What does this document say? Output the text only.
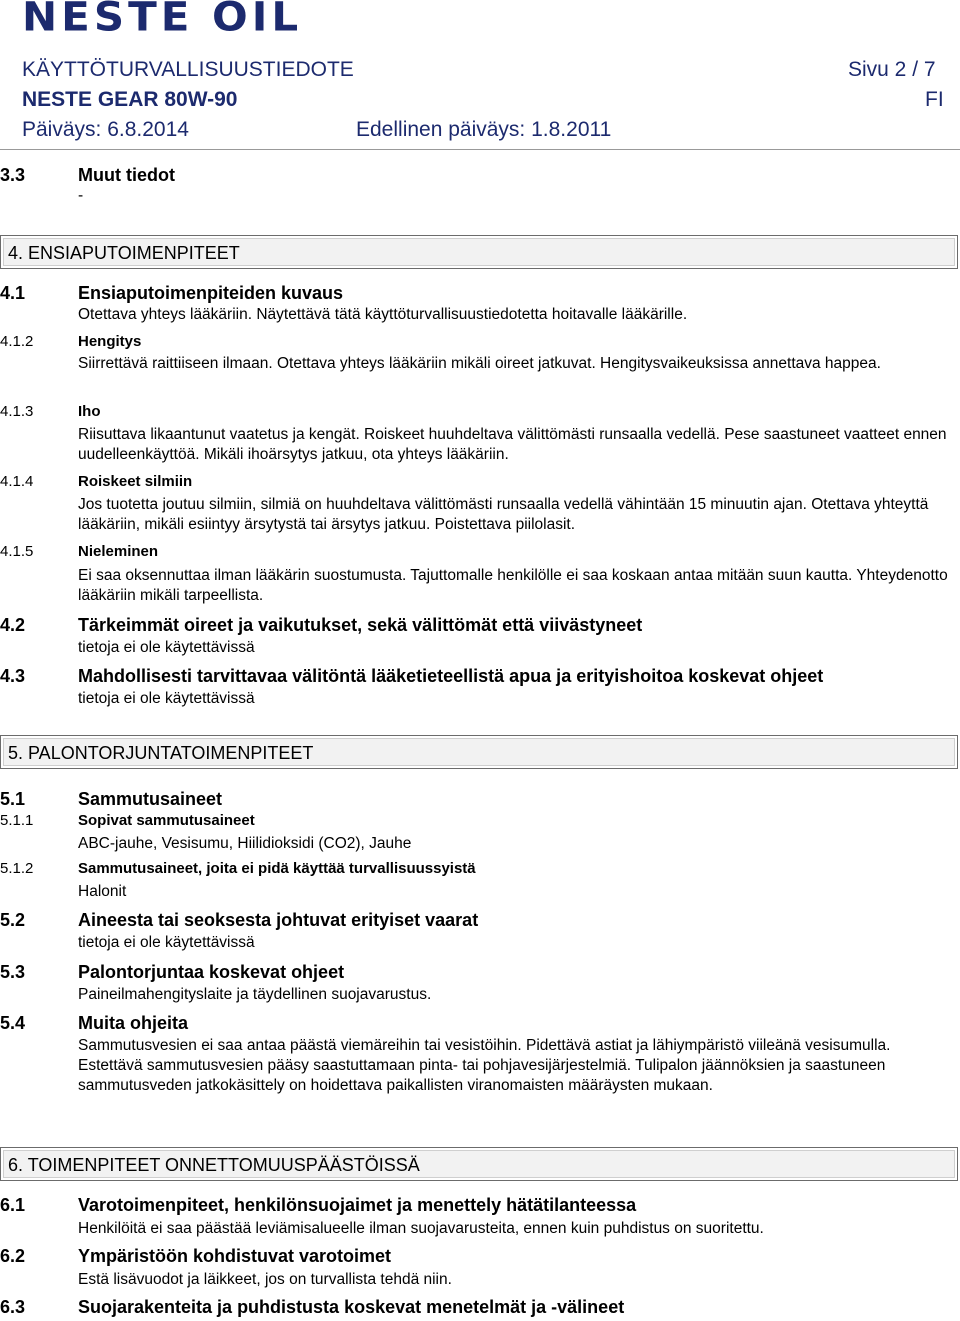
NESTE OIL
KÄYTTÖTURVALLISUUSTIEDOTE	Sivu 2 / 7
NESTE GEAR 80W-90	FI
Päiväys: 6.8.2014	Edellinen päiväys: 1.8.2011
3.3	Muut tiedot

-

4. ENSIAPUTOIMENPITEET

4.1	Ensiaputoimenpiteiden kuvaus

Otettava yhteys lääkäriin. Näytettävä tätä käyttöturvallisuustiedotetta hoitavalle lääkärille.

4.1.2	Hengitys

Siirrettävä raittiiseen ilmaan. Otettava yhteys lääkäriin mikäli oireet jatkuvat. Hengitysvaikeuksissa annettava happea.

4.1.3	Iho

Riisuttava likaantunut vaatetus ja kengät. Roiskeet huuhdeltava välittömästi runsaalla vedellä. Pese saastuneet vaatteet ennen uudelleenkäyttöä. Mikäli ihoärsytys jatkuu, ota yhteys lääkäriin.

4.1.4	Roiskeet silmiin

Jos tuotetta joutuu silmiin, silmiä on huuhdeltava välittömästi runsaalla vedellä vähintään 15 minuutin ajan. Otettava yhteyttä lääkäriin, mikäli esiintyy ärsytystä tai ärsytys jatkuu. Poistettava piilolasit.

4.1.5	Nieleminen

Ei saa oksennuttaa ilman lääkärin suostumusta. Tajuttomalle henkilölle ei saa koskaan antaa mitään suun kautta. Yhteydenotto lääkäriin mikäli tarpeellista.

4.2	Tärkeimmät oireet ja vaikutukset, sekä välittömät että viivästyneet

tietoja ei ole käytettävissä

4.3	Mahdollisesti tarvittavaa välitöntä lääketieteellistä apua ja erityishoitoa koskevat ohjeet

tietoja ei ole käytettävissä

5. PALONTORJUNTATOIMENPITEET

5.1	Sammutusaineet
5.1.1	Sopivat sammutusaineet

ABC-jauhe, Vesisumu, Hiilidioksidi (CO2), Jauhe

5.1.2	Sammutusaineet, joita ei pidä käyttää turvallisuussyistä

Halonit

5.2	Aineesta tai seoksesta johtuvat erityiset vaarat

tietoja ei ole käytettävissä

5.3	Palontorjuntaa koskevat ohjeet

Paineilmahengityslaite ja täydellinen suojavarustus.

5.4	Muita ohjeita

Sammutusvesien ei saa antaa päästä viemäreihin tai vesistöihin. Pidettävä astiat ja lähiympäristö viileänä vesisumulla. Estettävä sammutusvesien pääsy saastuttamaan pinta- tai pohjavesijärjestelmiä. Tulipalon jäännöksien ja saastuneen sammutusveden jatkokäsittely on hoidettava paikallisten viranomaisten määräysten mukaan.

6. TOIMENPITEET ONNETTOMUUSPÄÄSTÖISSÄ

6.1	Varotoimenpiteet, henkilönsuojaimet ja menettely hätätilanteessa

Henkilöitä ei saa päästää leviämisalueelle ilman suojavarusteita, ennen kuin puhdistus on suoritettu.

6.2	Ympäristöön kohdistuvat varotoimet

Estä lisävuodot ja läikkeet, jos on turvallista tehdä niin.

6.3	Suojarakenteita ja puhdistusta koskevat menetelmät ja -välineet
